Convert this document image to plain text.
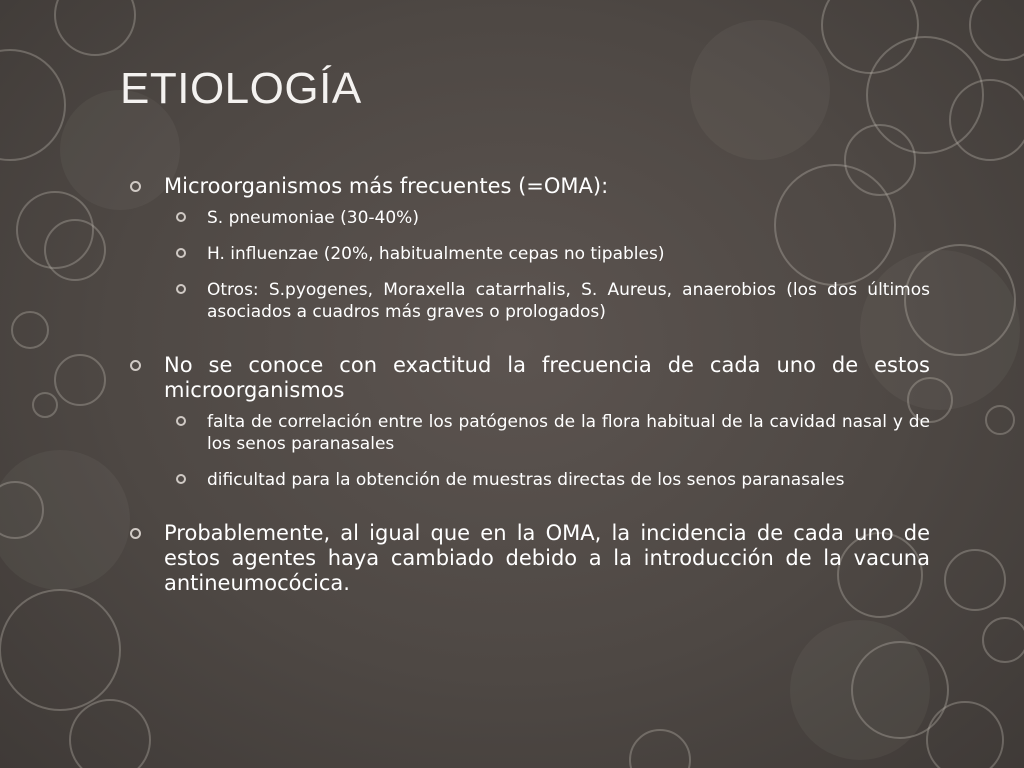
ETIOLOGÍA
Microorganismos más frecuentes (=OMA):
S. pneumoniae (30-40%)
H. influenzae (20%, habitualmente cepas no tipables)
Otros: S.pyogenes, Moraxella catarrhalis, S. Aureus, anaerobios (los dos últimos asociados a cuadros más graves o prologados)
No se conoce con exactitud la frecuencia de cada uno de estos microorganismos
falta de correlación entre los patógenos de la flora habitual de la cavidad nasal y de los senos paranasales
dificultad para la obtención de muestras directas de los senos paranasales
Probablemente, al igual que en la OMA, la incidencia de cada uno de estos agentes haya cambiado debido a la introducción de la vacuna antineumocócica.
